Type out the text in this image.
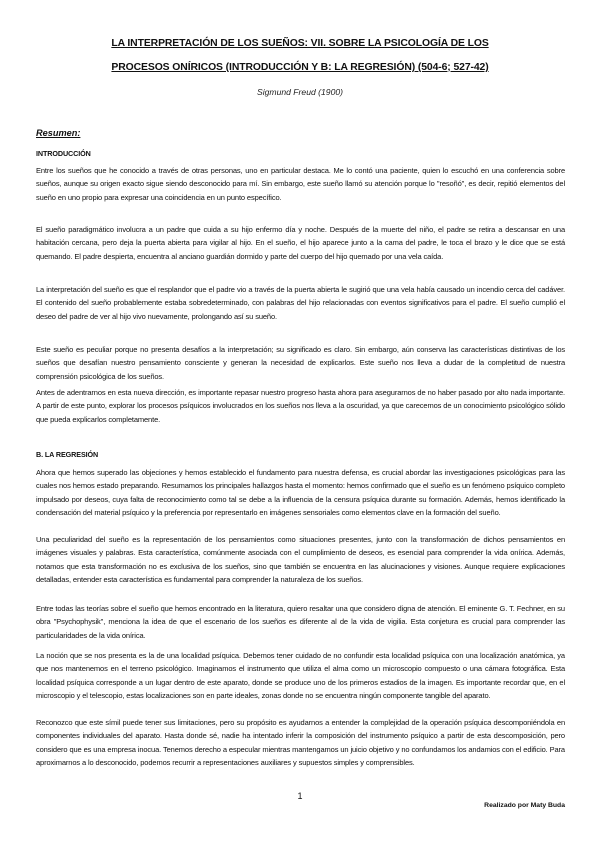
LA INTERPRETACIÓN DE LOS SUEÑOS: VII. SOBRE LA PSICOLOGÍA DE LOS
PROCESOS ONÍRICOS (INTRODUCCIÓN Y B: LA REGRESIÓN) (504-6; 527-42)
Sigmund Freud (1900)
Resumen:
INTRODUCCIÓN

Entre los sueños que he conocido a través de otras personas, uno en particular destaca. Me lo contó una paciente, quien lo escuchó en una conferencia sobre sueños, aunque su origen exacto sigue siendo desconocido para mí. Sin embargo, este sueño llamó su atención porque lo "resoñó", es decir, repitió elementos del sueño en uno propio para expresar una coincidencia en un punto específico.

El sueño paradigmático involucra a un padre que cuida a su hijo enfermo día y noche. Después de la muerte del niño, el padre se retira a descansar en una habitación cercana, pero deja la puerta abierta para vigilar al hijo. En el sueño, el hijo aparece junto a la cama del padre, le toca el brazo y le dice que se está quemando. El padre despierta, encuentra al anciano guardián dormido y parte del cuerpo del hijo quemado por una vela caída.

La interpretación del sueño es que el resplandor que el padre vio a través de la puerta abierta le sugirió que una vela había causado un incendio cerca del cadáver. El contenido del sueño probablemente estaba sobredeterminado, con palabras del hijo relacionadas con eventos significativos para el padre. El sueño cumplió el deseo del padre de ver al hijo vivo nuevamente, prolongando así su sueño.

Este sueño es peculiar porque no presenta desafíos a la interpretación; su significado es claro. Sin embargo, aún conserva las características distintivas de los sueños que desafían nuestro pensamiento consciente y generan la necesidad de explicarlos. Este sueño nos lleva a dudar de la completitud de nuestra comprensión psicológica de los sueños.

Antes de adentrarnos en esta nueva dirección, es importante repasar nuestro progreso hasta ahora para asegurarnos de no haber pasado por alto nada importante. A partir de este punto, explorar los procesos psíquicos involucrados en los sueños nos lleva a la oscuridad, ya que carecemos de un conocimiento psicológico sólido que pueda explicarlos completamente.

B. LA REGRESIÓN

Ahora que hemos superado las objeciones y hemos establecido el fundamento para nuestra defensa, es crucial abordar las investigaciones psicológicas para las cuales nos hemos estado preparando. Resumamos los principales hallazgos hasta el momento: hemos confirmado que el sueño es un fenómeno psíquico completo impulsado por deseos, cuya falta de reconocimiento como tal se debe a la influencia de la censura psíquica durante su formación. Además, hemos identificado la condensación del material psíquico y la preferencia por representarlo en imágenes sensoriales como elementos clave en la formación del sueño.

Una peculiaridad del sueño es la representación de los pensamientos como situaciones presentes, junto con la transformación de dichos pensamientos en imágenes visuales y palabras. Esta característica, comúnmente asociada con el cumplimiento de deseos, es esencial para comprender la vida onírica. Además, notamos que esta transformación no es exclusiva de los sueños, sino que también se encuentra en las alucinaciones y visiones. Aunque requiere explicaciones detalladas, entender esta característica es fundamental para comprender la naturaleza de los sueños.

Entre todas las teorías sobre el sueño que hemos encontrado en la literatura, quiero resaltar una que considero digna de atención. El eminente G. T. Fechner, en su obra "Psychophysik", menciona la idea de que el escenario de los sueños es diferente al de la vida de vigilia. Esta conjetura es crucial para comprender las particularidades de la vida onírica.

La noción que se nos presenta es la de una localidad psíquica. Debemos tener cuidado de no confundir esta localidad psíquica con una localización anatómica, ya que nos mantenemos en el terreno psicológico. Imaginamos el instrumento que utiliza el alma como un microscopio compuesto o una cámara fotográfica. Esta localidad psíquica corresponde a un lugar dentro de este aparato, donde se produce uno de los primeros estadios de la imagen. Es importante recordar que, en el microscopio y el telescopio, estas localizaciones son en parte ideales, zonas donde no se encuentra ningún componente tangible del aparato.

Reconozco que este símil puede tener sus limitaciones, pero su propósito es ayudarnos a entender la complejidad de la operación psíquica descomponiéndola en componentes individuales del aparato. Hasta donde sé, nadie ha intentado inferir la composición del instrumento psíquico a partir de esta descomposición, pero considero que es una empresa inocua. Tenemos derecho a especular mientras mantengamos un juicio objetivo y no confundamos los andamios con el edificio. Para aproximarnos a lo desconocido, podemos recurrir a representaciones auxiliares y supuestos simples y comprensibles.

1
Realizado por Maty Buda
